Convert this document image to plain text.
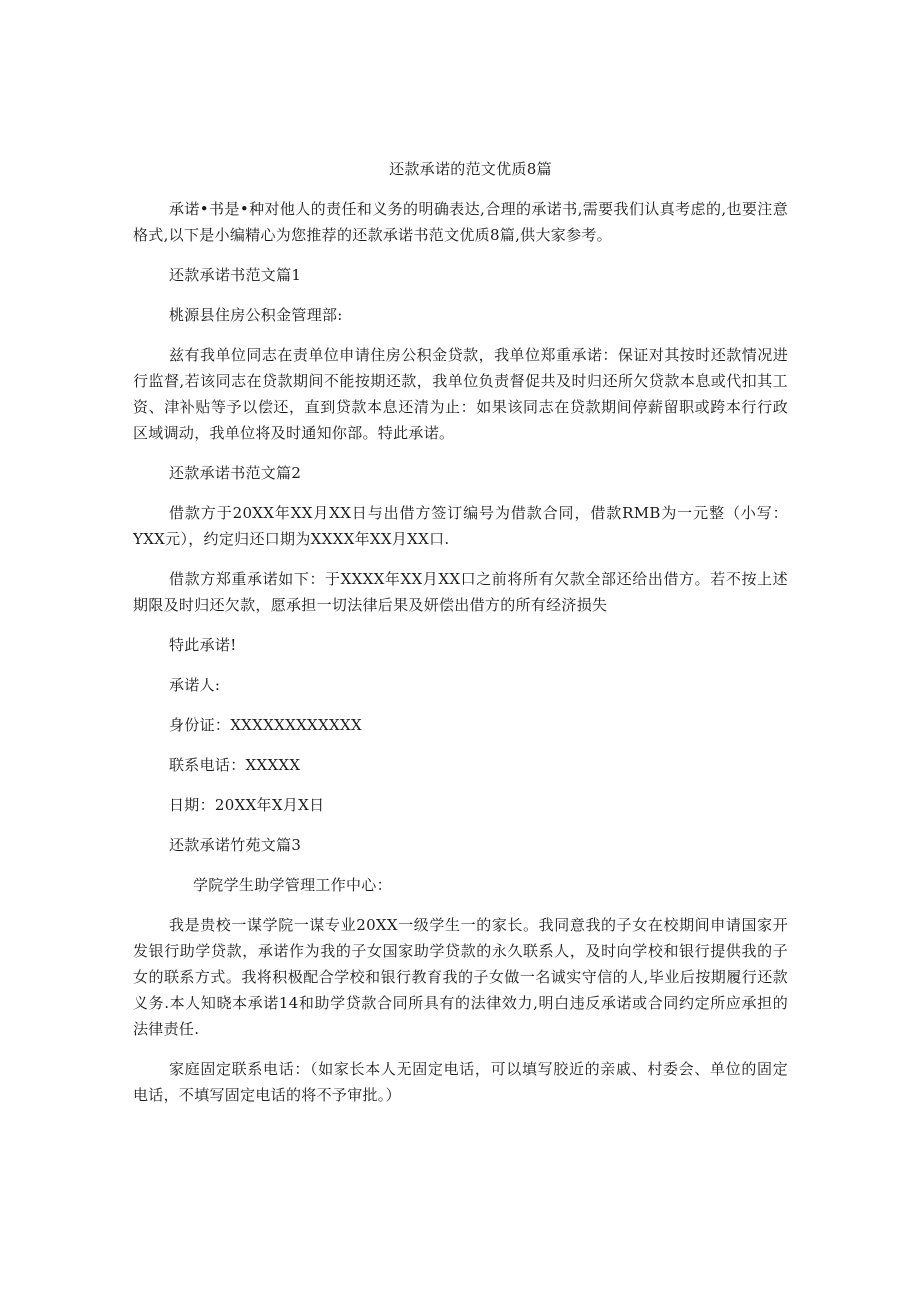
还款承诺的范文优质8篇

承诺•书是•种对他人的责任和义务的明确表达,合理的承诺书,需要我们认真考虑的,也要注意格式,以下是小编精心为您推荐的还款承诺书范文优质8篇,供大家参考。

还款承诺书范文篇1

桃源县住房公积金管理部:

兹有我单位同志在责单位申请住房公积金贷款，我单位郑重承诺：保证对其按时还款情况进行监督,若该同志在贷款期间不能按期还款，我单位负责督促共及时归还所欠贷款本息或代扣其工资、津补贴等予以偿还，直到贷款本息还清为止：如果该同志在贷款期间停薪留职或跨本行行政区域调动，我单位将及时通知你部。特此承诺。

还款承诺书范文篇2

借款方于20XX年XX月XX日与出借方签订编号为借款合同，借款RMB为一元整（小写：YXX元），约定归还口期为XXXX年XX月XX口.

借款方郑重承诺如下：于XXXX年XX月XX口之前将所有欠款全部还给出借方。若不按上述期限及时归还欠款，愿承担一切法律后果及妍偿出借方的所有经济损失

特此承诺!

承诺人:

身份证：XXXXXXXXXXXX

联系电话：XXXXX

日期：20XX年X月X日

还款承诺竹苑文篇3

学院学生助学管理工作中心：

我是贵校一谋学院一谋专业20XX一级学生一的家长。我同意我的子女在校期间申请国家开发银行助学贷款，承诺作为我的子女国家助学贷款的永久联系人，及时向学校和银行提供我的子女的联系方式。我将积极配合学校和银行教育我的子女做一名诚实守信的人,毕业后按期履行还款义务.本人知晓本承诺14和助学贷款合同所具有的法律效力,明白违反承诺或合同约定所应承担的法律责任.

家庭固定联系电话：（如家长本人无固定电话，可以填写胶近的亲戚、村委会、单位的固定电话，不填写固定电话的将不予审批。）
